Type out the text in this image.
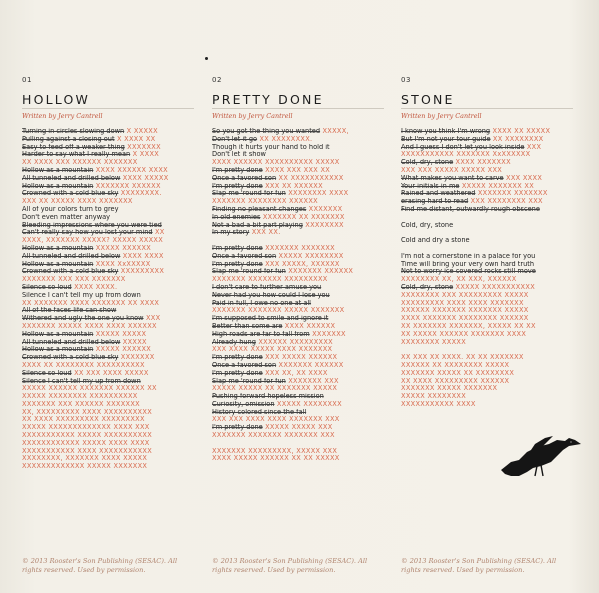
01
HOLLOW
Written by Jerry Cantrell
Turning in circles slowing down X XXXXX
Pulling against a closing out X XXXX XX
Easy to feed off a weaker thing XXXXXXX
Harder to say what I really mean X XXXX
XX XXXX XXX XXXXXX XXXXXXX
Hollow as a mountain XXXX XXXXXX XXXX
All tunneled and drilled below XXXX XXXXX
Hollow as a mountain XXXXXXX XXXXXX
Crowned with a cold blue sky XXXXXXXX.
XXX XX XXXXX XXXX XXXXXXX
All of your colors turn to grey
Don't even matter anyway
Bleeding impressions where you were tied
Can't really say how you lost your mind XX
XXXX, XXXXXXX XXXXX? XXXXX XXXXX
Hollow as a mountain XXXXX XXXXXX
All tunneled and drilled below XXXX XXXX
Hollow as a mountain XXXX XxXXXXX
Crowned with a cold blue sky XXXXXXXXX
XXXXXXX XXX XXX XXXXXXX
Silence so loud XXXX XXXX.
Silence I can't tell my up from down
XX XXXXXXX XXXX XXXXXXX XX XXXX
All of the faces life can show
Withered and ugly the one you know XXX
XXXXXXX XXXXX XXXX XXXX XXXXXX
Hollow as a mountain XXXXX XXXXX
All tunneled and drilled below XXXXX
Hollow as a mountain XXXXX XXXXXX
Crowned with a cold blue sky XXXXXXX
XXXX XX XXXXXXXX XXXXXXXXXX
Silence so loud XX XXX XXXX XXXXX
Silence I can't tell my up from down
XXXXX XXXXXX XXXXXXX XXXXXX XX
XXXXX XXXXXXXX XXXXXXXXXX
XXXXXXX XXX XXXXXX XXXXXXX
XX, XXXXXXXXX XXXX XXXXXXXXXX
XX XXXX XXXXXXXXX XXXXXXXXX
XXXXX XXXXXXXXXXXXX XXXX XXX
XXXXXXXXXXX XXXXX XXXXXXXXXX
XXXXXXXXXXXX XXXXX XXXX XXXX
XXXXXXXXXXX XXXX XXXXXXXXXXX
XXXXXXXX, XXXXXXX XXXX XXXXX
XXXXXXXXXXXXX XXXXX XXXXXXX
02
PRETTY DONE
Written by Jerry Cantrell
So you got the thing you wanted XXXXX,
Don't let it go XX XXXXXXXX.
Though it hurts your hand to hold it
Don't let it show
XXXX XXXXXX XXXXXXXXXX XXXXX
I'm pretty done XXXX XXX XXX XX
Once a favored son XX XXXXXXXXXXX
I'm pretty done XXX XX XXXXXX
Slap me 'round for fun XXXXXXXX XXXX
XXXXXXX XXXXXXXX XXXXXX
Finding no pleasant changes XXXXXXX
In old enemies XXXXXXX XX XXXXXXX
Not a bad a bit part playing XXXXXXXX
In my story XXX XX.
I'm pretty done XXXXXXX XXXXXXX
Once a favored son XXXXX XXXXXXXX
I'm pretty done XXX XXXXX, XXXXXX
Slap me 'round for fun XXXXXXX XXXXXX
XXXXXXX XXXXXXX XXXXXXXXX
I don't care to further amuse you
Never had you how could I lose you
Paid in full, I owe no one at all
XXXXXXX XXXXXXX XXXXX XXXXXXX
I'm supposed to smile and ignore it
Better than some are XXXX XXXXXX
High roads are far to fall from XXXXXXX
Already hung XXXXXX XXXXXXXXX
XXX XXXX XXXXX XXXX XXXXXXX
I'm pretty done XXX XXXXX XXXXXX
Once a favored son XXXXXXX XXXXXX
I'm pretty done XXX XX, XX XXXX
Slap me 'round for fun XXXXXXX XXX
XXXXX XXXXX XX XXXXXXX XXXXX
Pushing forward hopeless mission
Curiosity, omission XXXXX XXXXXXXX
History colored since the fall
XXX XXX XXXX XXXX XXXXXXX XXX
I'm pretty done XXXXX XXXXX XXX
XXXXXXX XXXXXXX XXXXXXX XXX
XXXXXXX XXXXXXXXX, XXXXX XXX
XXXX XXXXX XXXXXX XX XX XXXXX
03
STONE
Written by Jerry Cantrell
I know you think I'm wrong XXXX XX XXXXX
But I'm not your tour guide XX XXXXXXXX
And I guess I don't let you look inside XXX
XXXXXXXXXXX XXXXXXX XxXXXXXX
Cold, dry, stone XXXX XXXXXXX
XXX XXX XXXXX XXXXX XXX
What makes you want to carve XXX XXXX
Your initials in me XXXXX XXXXXXX XX
Rained and weathered XXXXXXX XXXXXXX
erasing hard to read XXX XXXXXXXX XXX
Find me distant, outwardly rough obscene
Cold, dry, stone
Cold and dry a stone
I'm not a cornerstone in a palace for you
Time will bring your very own hard truth
Not to worry ice covered rocks still move
XXXXXXXX XX, XX XXX, XXXXXX
Cold, dry, stone XXXXX XXXXXXXXXXX
XXXXXXXX XXX XXXXXXXXX XXXXX
XXXXXXXXX XXXX XXXX XXXXXXX
XXXXXX XXXXXXX XXXXXXX XXXXX
XXXX XXXXXXX XXXXXXXX XXXXXX
XX XXXXXXX XXXXXXX, XXXXX XX XX
XX XXXXX XXXXXX XXXXXXX XXXX
XXXXXXXX XXXXX
XX XXX XX XXXX. XX XX XXXXXXX
XXXXXX XX XXXXXXXX XXXXX
XXXXXXX XXXXX XX XXXXXXXX
XX XXXX XXXXXXXXX XXXXXX
XXXXXXX XXXXX XXXXXXX
XXXXX XXXXXXXX
XXXXXXXXXXX XXXX
© 2013 Rooster's Son Publishing (SESAC). All rights reserved. Used by permission.
© 2013 Rooster's Son Publishing (SESAC). All rights reserved. Used by permission.
© 2013 Rooster's Son Publishing (SESAC). All rights reserved. Used by permission.
